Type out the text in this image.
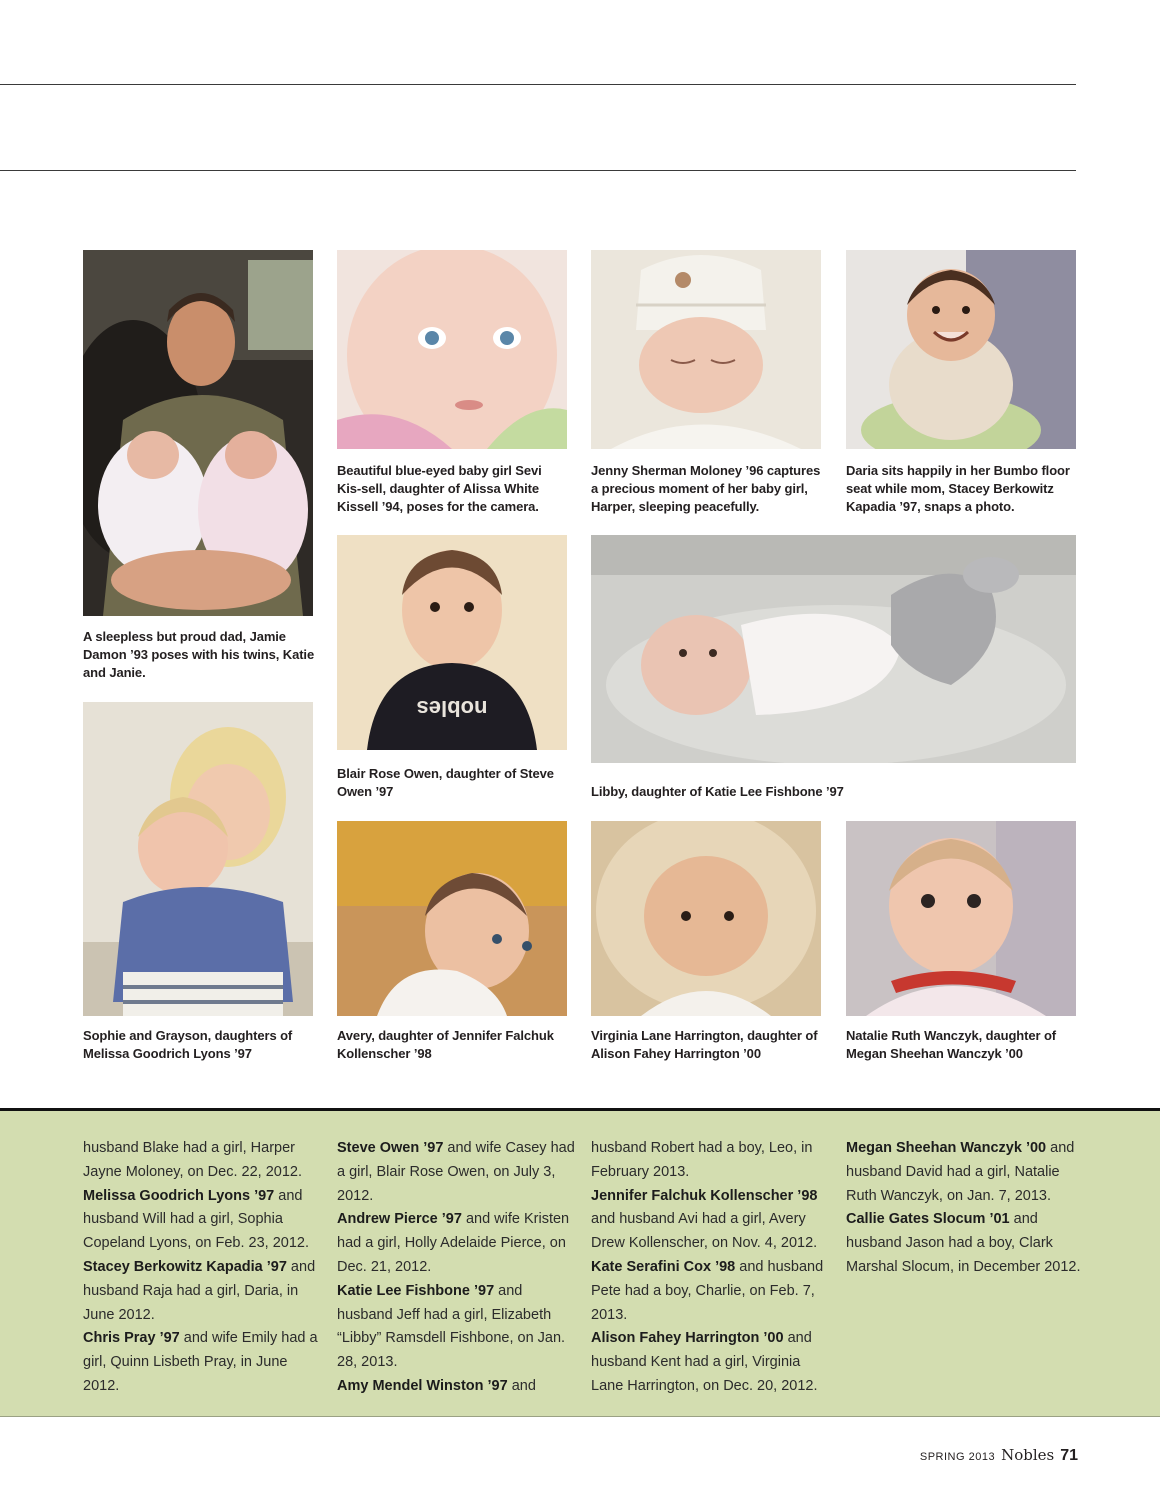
A sleepless but proud dad, Jamie Damon ’93 poses with his twins, Katie and Janie.
Beautiful blue-eyed baby girl Sevi Kis-sell, daughter of Alissa White Kissell ’94, poses for the camera.
Jenny Sherman Moloney ’96 captures a precious moment of her baby girl, Harper, sleeping peacefully.
Daria sits happily in her Bumbo floor seat while mom, Stacey Berkowitz Kapadia ’97, snaps a photo.
nobles
Blair Rose Owen, daughter of Steve Owen ’97	Libby, daughter of Katie Lee Fishbone ’97
Sophie and Grayson, daughters of Melissa Goodrich Lyons ’97
Avery, daughter of Jennifer Falchuk Kollenscher ’98
Virginia Lane Harrington, daughter of Alison Fahey Harrington ’00
Natalie Ruth Wanczyk, daughter of Megan Sheehan Wanczyk ’00

husband Blake had a girl, Harper Jayne Moloney, on Dec. 22, 2012.

Melissa Goodrich Lyons ’97 and husband Will had a girl, Sophia Copeland Lyons, on Feb. 23, 2012.

Stacey Berkowitz Kapadia ’97 and husband Raja had a girl, Daria, in June 2012.

Chris Pray ’97 and wife Emily had a girl, Quinn Lisbeth Pray, in June 2012.

Steve Owen ’97 and wife Casey had a girl, Blair Rose Owen, on July 3, 2012.

Andrew Pierce ’97 and wife Kristen had a girl, Holly Adelaide Pierce, on Dec. 21, 2012.

Katie Lee Fishbone ’97 and husband Jeff had a girl, Elizabeth “Libby” Ramsdell Fishbone, on Jan. 28, 2013.

Amy Mendel Winston ’97 and

husband Robert had a boy, Leo, in February 2013.

Jennifer Falchuk Kollenscher ’98 and husband Avi had a girl, Avery Drew Kollenscher, on Nov. 4, 2012.

Kate Serafini Cox ’98 and husband Pete had a boy, Charlie, on Feb. 7, 2013.

Alison Fahey Harrington ’00 and husband Kent had a girl, Virginia Lane Harrington, on Dec. 20, 2012.

Megan Sheehan Wanczyk ’00 and husband David had a girl, Natalie Ruth Wanczyk, on Jan. 7, 2013.

Callie Gates Slocum ’01 and husband Jason had a boy, Clark Marshal Slocum, in December 2012.

SPRING 2013 Nobles 71
